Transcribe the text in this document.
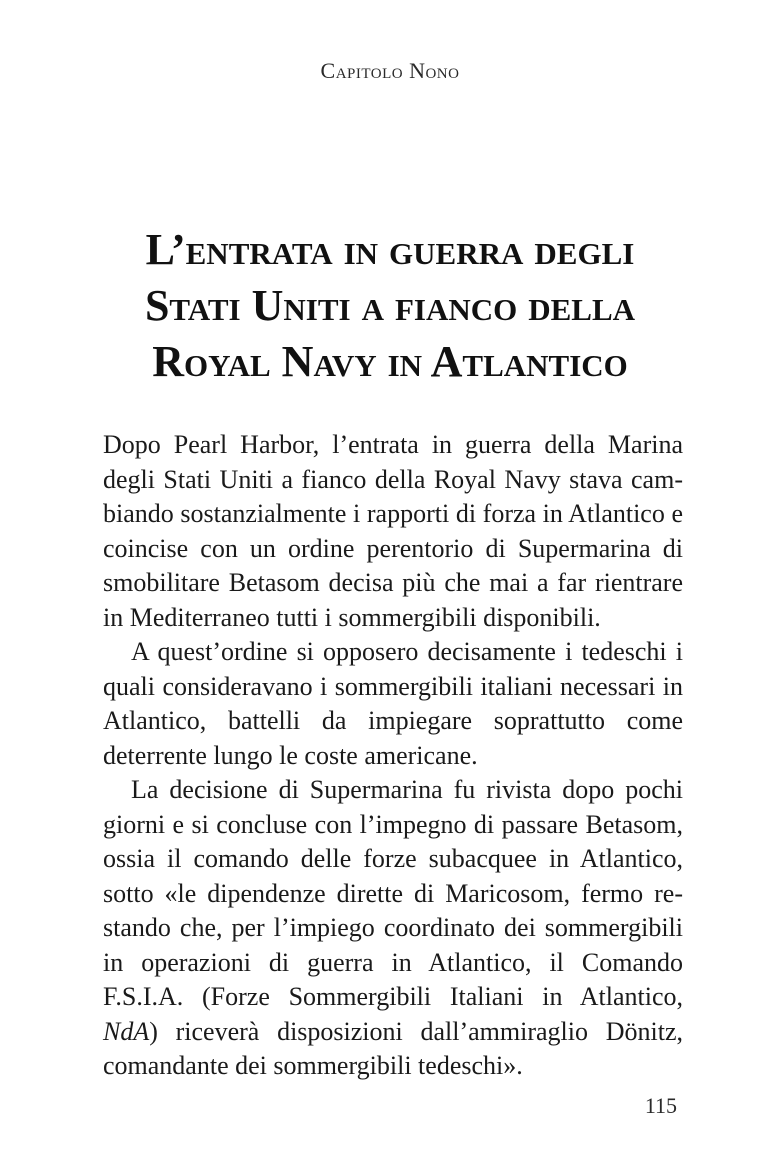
Capitolo Nono
L’entrata in guerra degli
Stati Uniti a fianco della
Royal Navy in Atlantico

Dopo Pearl Harbor, l’entrata in guerra della Marina degli Stati Uniti a fianco della Royal Navy stava cambiando sostanzialmente i rapporti di forza in Atlantico e coincise con un ordine perentorio di Supermarina di smobilitare Betasom decisa più che mai a far rientrare in Mediterraneo tutti i sommergibili disponibili.

A quest’ordine si opposero decisamente i tedeschi i quali consideravano i sommergibili italiani necessari in Atlantico, battelli da impiegare soprattutto come deterrente lungo le coste americane.

La decisione di Supermarina fu rivista dopo pochi giorni e si concluse con l’impegno di passare Betasom, ossia il comando delle forze subacquee in Atlantico, sotto «le dipendenze dirette di Maricosom, fermo restando che, per l’impiego coordinato dei sommergibili in operazioni di guerra in Atlantico, il Comando F.S.I.A. (Forze Sommergibili Italiani in Atlantico, NdA) riceverà disposizioni dall’ammiraglio Dönitz, comandante dei sommergibili tedeschi».

115
